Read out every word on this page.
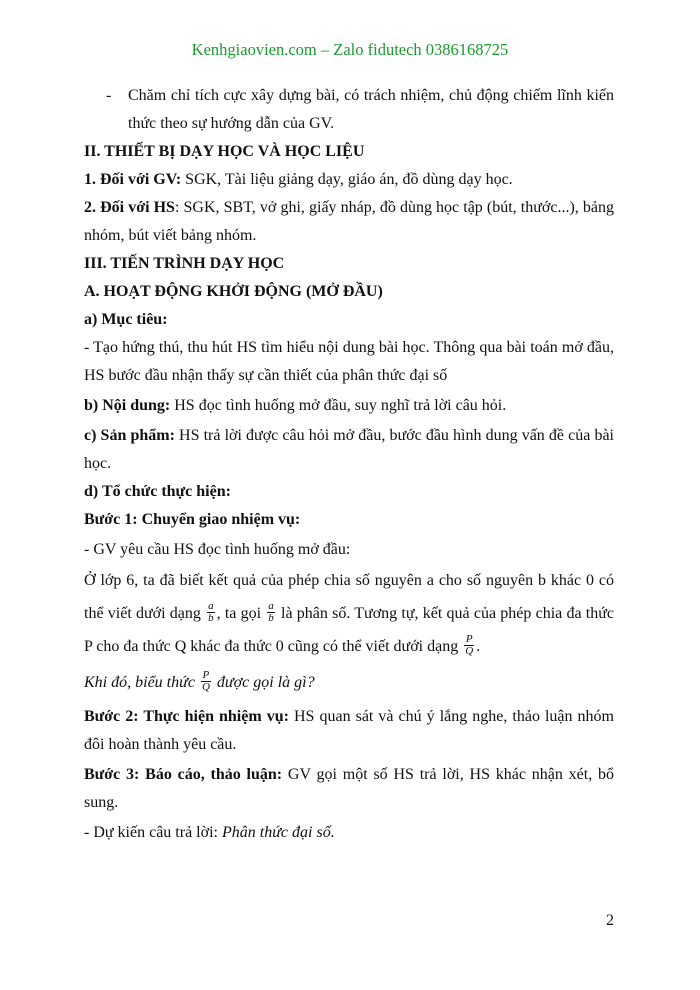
Kenhgiaovien.com – Zalo fidutech 0386168725
-	Chăm chỉ tích cực xây dựng bài, có trách nhiệm, chủ động chiếm lĩnh kiến thức theo sự hướng dẫn của GV.

II. THIẾT BỊ DẠY HỌC VÀ HỌC LIỆU

1. Đối với GV: SGK, Tài liệu giảng dạy, giáo án, đồ dùng dạy học.

2. Đối với HS: SGK, SBT, vở ghi, giấy nháp, đồ dùng học tập (bút, thước...), bảng nhóm, bút viết bảng nhóm.

III. TIẾN TRÌNH DẠY HỌC

A. HOẠT ĐỘNG KHỞI ĐỘNG (MỞ ĐẦU)

a) Mục tiêu:

- Tạo hứng thú, thu hút HS tìm hiểu nội dung bài học. Thông qua bài toán mở đầu, HS bước đầu nhận thấy sự cần thiết của phân thức đại số

b) Nội dung: HS đọc tình huống mở đầu, suy nghĩ trả lời câu hỏi.

c) Sản phẩm: HS trả lời được câu hỏi mở đầu, bước đầu hình dung vấn đề của bài học.

d) Tổ chức thực hiện:

Bước 1: Chuyển giao nhiệm vụ:

- GV yêu cầu HS đọc tình huống mở đầu:

Ở lớp 6, ta đã biết kết quả của phép chia số nguyên a cho số nguyên b khác 0 có thể viết dưới dạng $\frac{a}{b}$ , ta gọi $\frac{a}{b}$ là phân số. Tương tự, kết quả của phép chia đa thức P cho đa thức Q khác đa thức 0 cũng có thể viết dưới dạng $\frac{P}{Q}$ .

Khi đó, biểu thức $\frac{P}{Q}$ được gọi là gì?

Bước 2: Thực hiện nhiệm vụ: HS quan sát và chú ý lắng nghe, thảo luận nhóm đôi hoàn thành yêu cầu.

Bước 3: Báo cáo, thảo luận: GV gọi một số HS trả lời, HS khác nhận xét, bổ sung.

- Dự kiến câu trả lời: Phân thức đại số.

2
